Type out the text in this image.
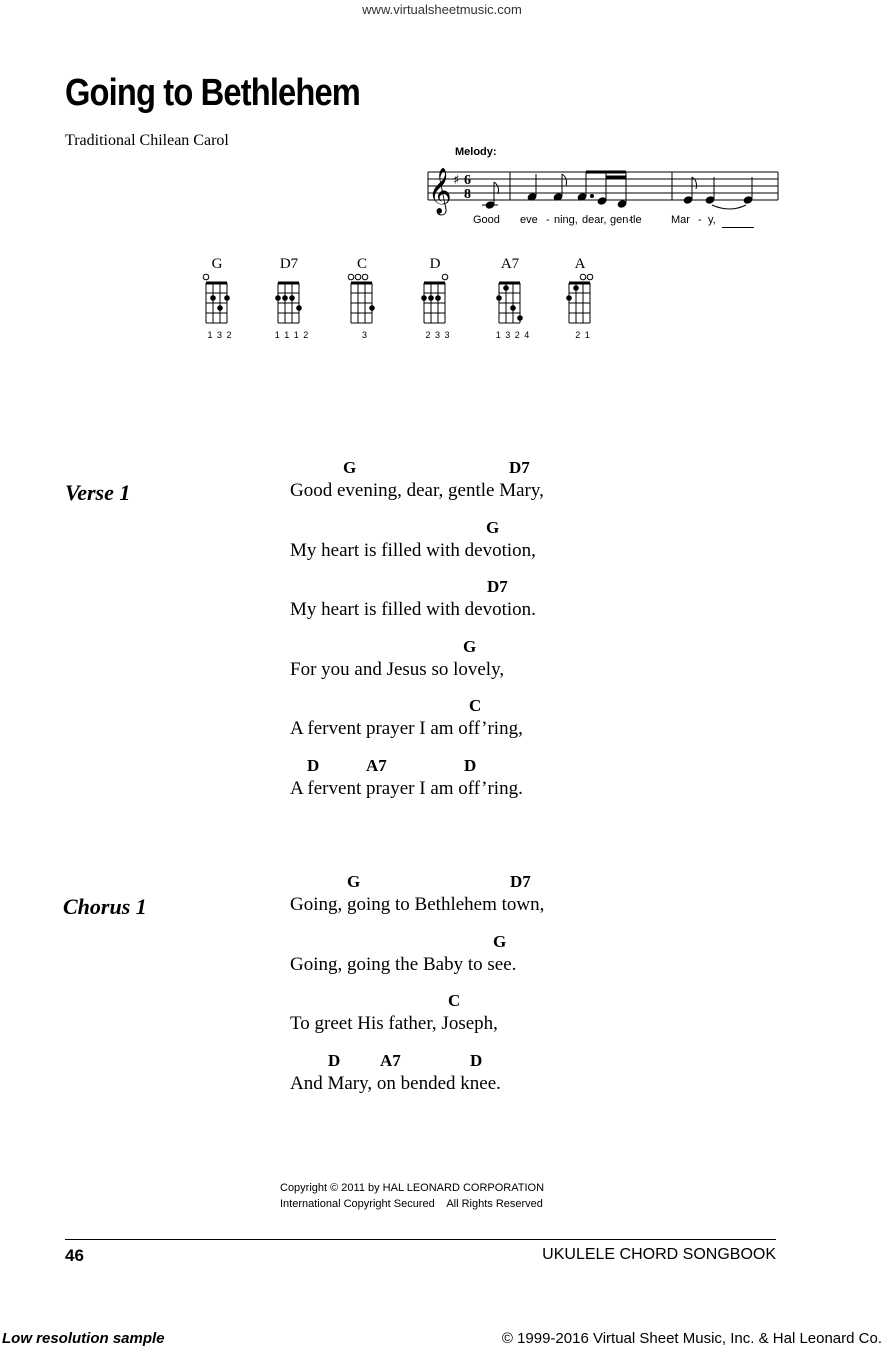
www.virtualsheetmusic.com
Going to Bethlehem
Traditional Chilean Carol
Melody:
𝄞 ♯ 6
8
Good eve - ning, dear, gen-
tle	Mar - y,
G
1 3 2
D7
1 1 1 2
C
3
D
2 3 3
A7
1 3 2 4
A
2 1
Verse 1
G	D7
Good evening, dear, gentle Mary,
G
My heart is filled with devotion,
D7
My heart is filled with devotion.
G
For you and Jesus so lovely,
C
A fervent prayer I am off’ring,
D	A7	D
A fervent prayer I am off’ring.
Chorus 1
G	D7
Going, going to Bethlehem town,
G
Going, going the Baby to see.
C
To greet His father, Joseph,
D A7	D
And Mary, on bended knee.
Copyright © 2011 by HAL LEONARD CORPORATION
International Copyright Secured    All Rights Reserved
46	UKULELE CHORD SONGBOOK
Low resolution sample	© 1999-2016 Virtual Sheet Music, Inc. & Hal Leonard Co.
